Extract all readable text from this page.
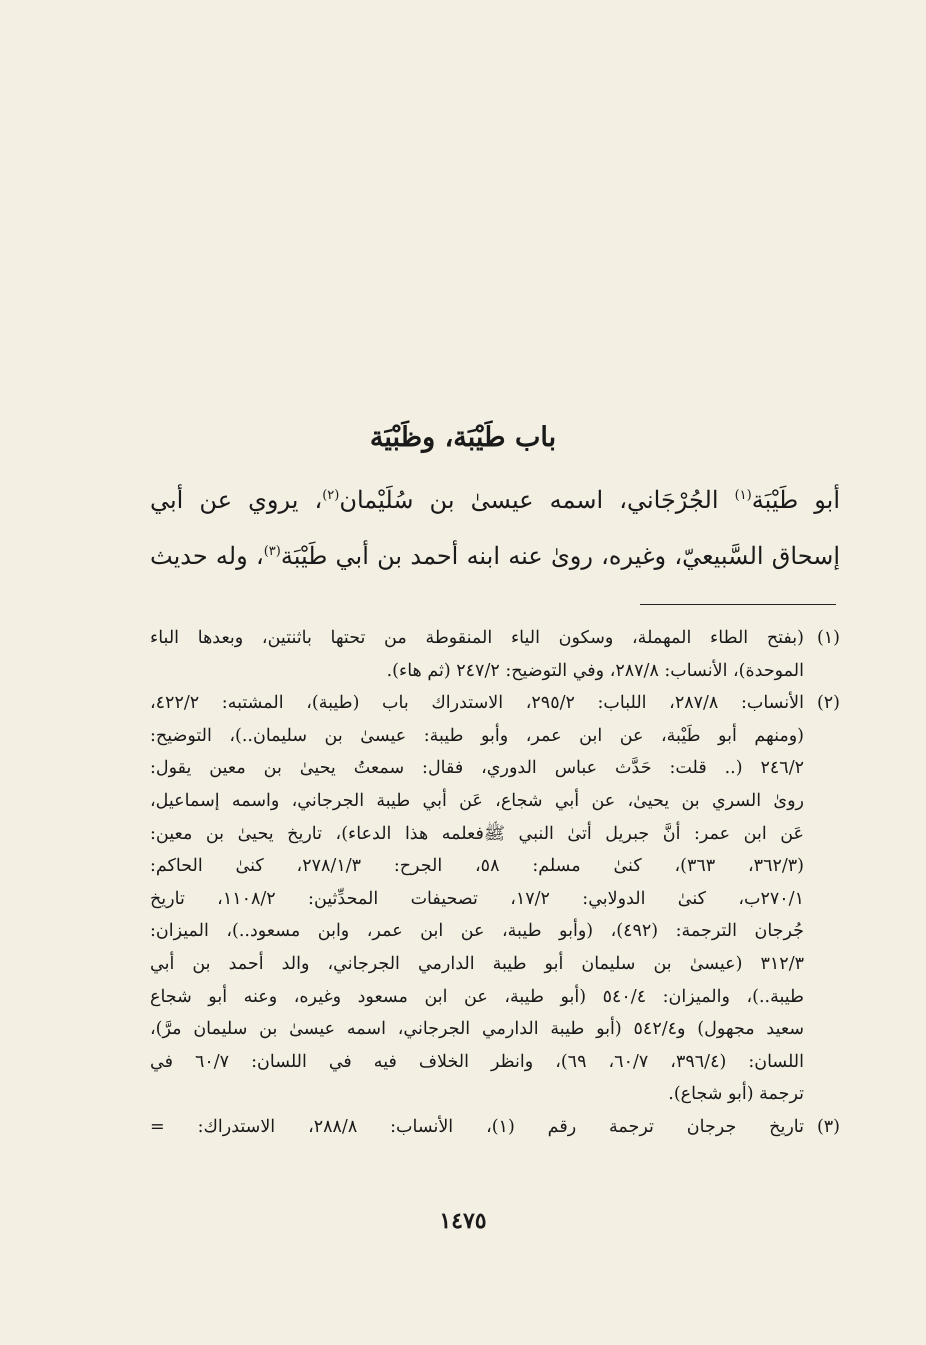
باب طَيْبَة، وظَبْيَة
أبو طَيْبَة$^{(١)}$ الجُرْجَاني، اسمه عيسىٰ بن سُلَيْمان$^{(٢)}$، يروي عن أبي
إسحاق السَّبيعيّ، وغيره، روىٰ عنه ابنه أحمد بن أبي طَيْبَة$^{(٣)}$، وله حديث
(١)
(بفتح الطاء المهملة، وسكون الياء المنقوطة من تحتها باثنتين، وبعدها الباء
الموحدة)، الأنساب: ٢٨٧/٨، وفي التوضيح: ٢٤٧/٢ (ثم هاء).
(٢)
الأنساب: ٢٨٧/٨، اللباب: ٢٩٥/٢، الاستدراك باب (طيبة)، المشتبه: ٤٢٢/٢،
(ومنهم أبو طَيْبة، عن ابن عمر، وأبو طيبة: عيسىٰ بن سليمان..)، التوضيح:
٢٤٦/٢ (.. قلت: حَدَّث عباس الدوري، فقال: سمعتُ يحيىٰ بن معين يقول:
روىٰ السري بن يحيىٰ، عن أبي شجاع، عَن أبي طيبة الجرجاني، واسمه إسماعيل،
عَن ابن عمر: أنَّ جبريل أتىٰ النبي ﷺفعلمه هذا الدعاء)، تاريخ يحيىٰ بن معين:
(٣٦٢/٣، ٣٦٣)، كنىٰ مسلم: ٥٨، الجرح: ٢٧٨/١/٣، كنىٰ الحاكم:
٢٧٠/١ب، كنىٰ الدولابي: ١٧/٢، تصحيفات المحدِّثين: ١١٠٨/٢، تاريخ
جُرجان الترجمة: (٤٩٢)، (وأبو طيبة، عن ابن عمر، وابن مسعود..)، الميزان:
٣١٢/٣ (عيسىٰ بن سليمان أبو طيبة الدارمي الجرجاني، والد أحمد بن أبي
طيبة..)، والميزان: ٥٤٠/٤ (أبو طيبة، عن ابن مسعود وغيره، وعنه أبو شجاع
سعيد مجهول) و٥٤٢/٤ (أبو طيبة الدارمي الجرجاني، اسمه عيسىٰ بن سليمان مرَّ)،
اللسان: (٣٩٦/٤، ٦٠/٧، ٦٩)، وانظر الخلاف فيه في اللسان: ٦٠/٧ في
ترجمة (أبو شجاع).
(٣)
تاريخ جرجان ترجمة رقم (١)، الأنساب: ٢٨٨/٨، الاستدراك: =
١٤٧٥
